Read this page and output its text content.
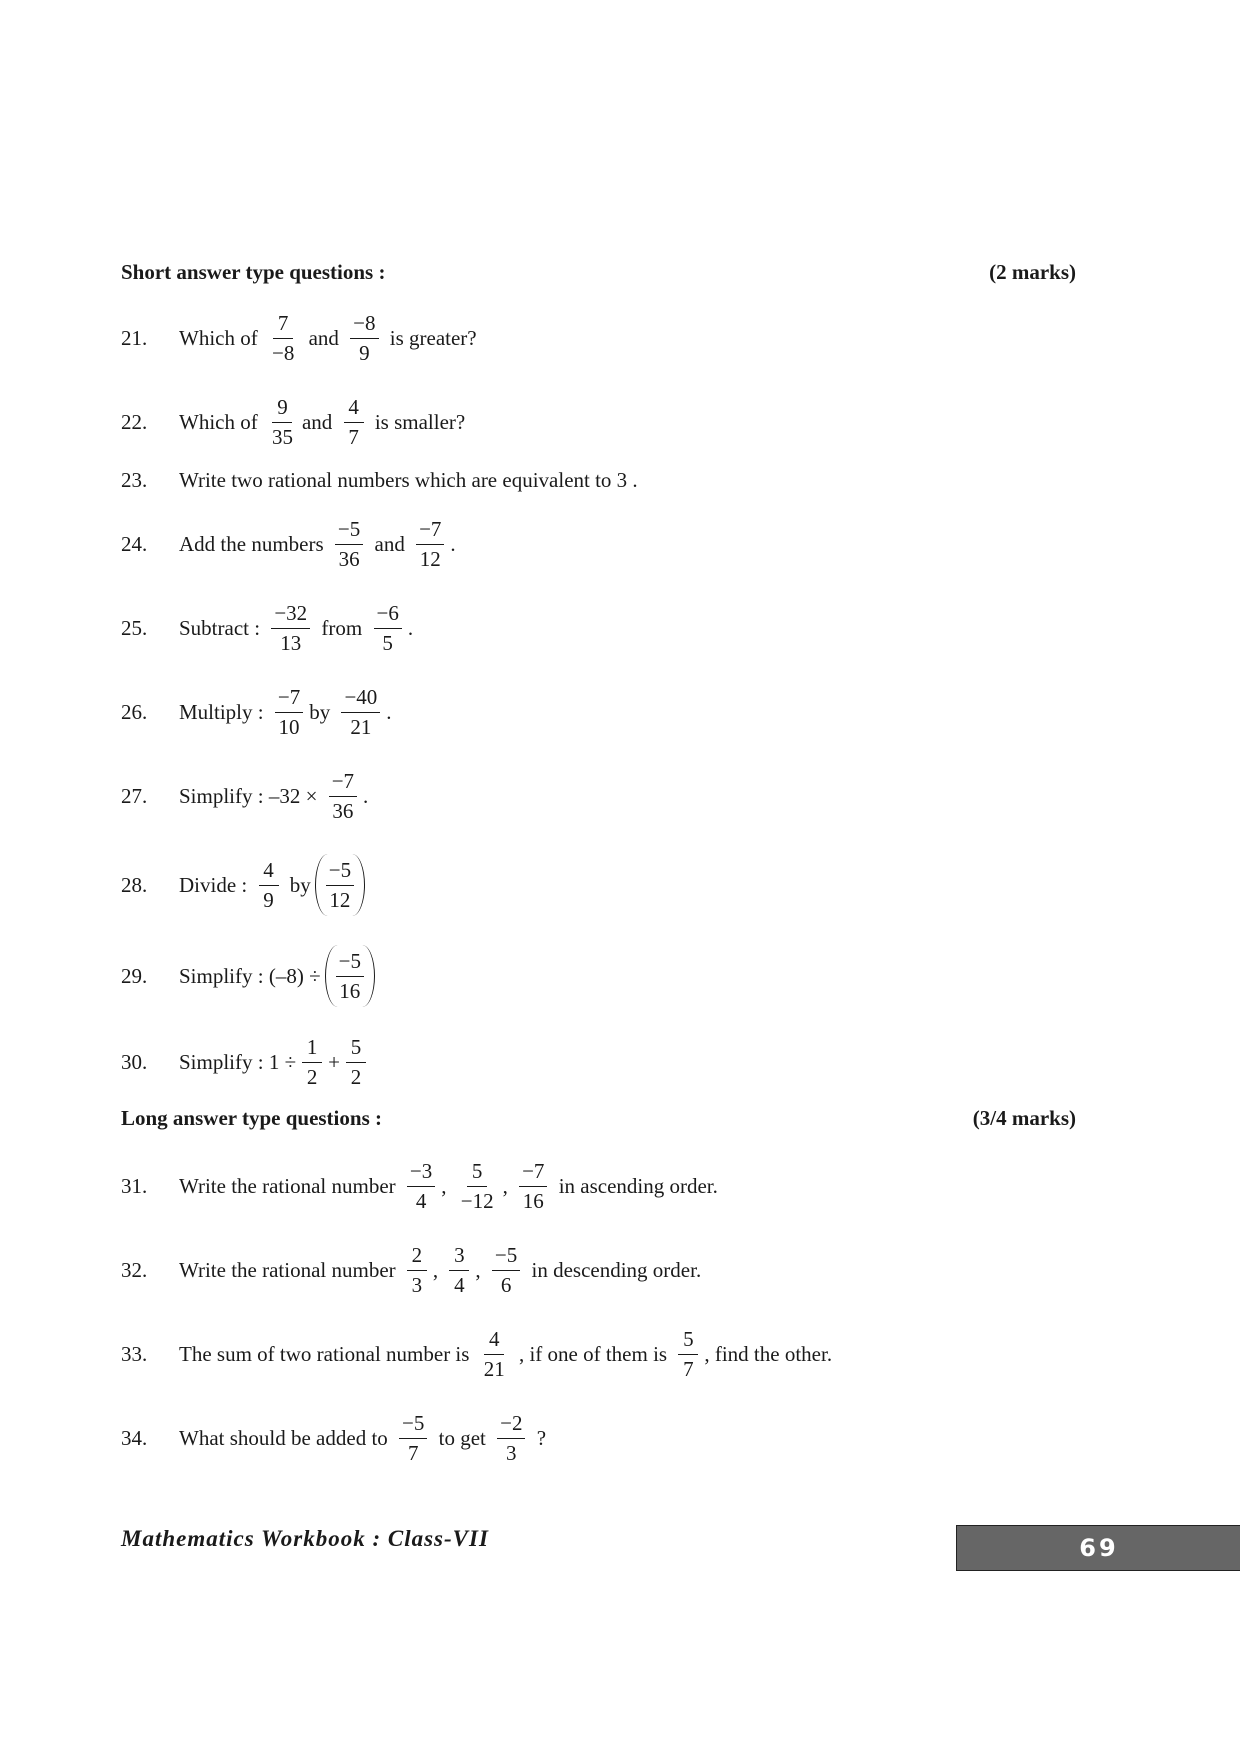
Short answer type questions :	(2 marks)
21.	Which of $\frac{7}{-8}$ and $\frac{-8}{9}$ is greater?
22.	Which of $\frac{9}{35}$ and $\frac{4}{7}$ is smaller?
23.	Write two rational numbers which are equivalent to 3 .
24.	Add the numbers $\frac{-5}{36}$ and $\frac{-7}{12}$ .
25.	Subtract : $\frac{-32}{13}$ from $\frac{-6}{5}$ .
26.	Multiply : $\frac{-7}{10}$ by $\frac{-40}{21}$ .
27.	Simplify : $-32 \times \frac{-7}{36}$ .
28.	Divide : $\frac{4}{9}$ by $\frac{-5}{12}$
29.	Simplify : $(-8) \div \frac{-5}{16}$
30.	Simplify : $1 \div \frac{1}{2} + \frac{5}{2}$
Long answer type questions :	(3/4 marks)
31.	Write the rational number $\frac{-3}{4}$ , $\frac{5}{-12}$ , $\frac{-7}{16}$ in ascending order.
32.	Write the rational number $\frac{2}{3}$ , $\frac{3}{4}$ , $\frac{-5}{6}$ in descending order.
33.	The sum of two rational number is $\frac{4}{21}$ , if one of them is $\frac{5}{7}$ , find the other.
34.	What should be added to $\frac{-5}{7}$ to get $\frac{-2}{3}$ ?
Mathematics Workbook : Class-VII	69
